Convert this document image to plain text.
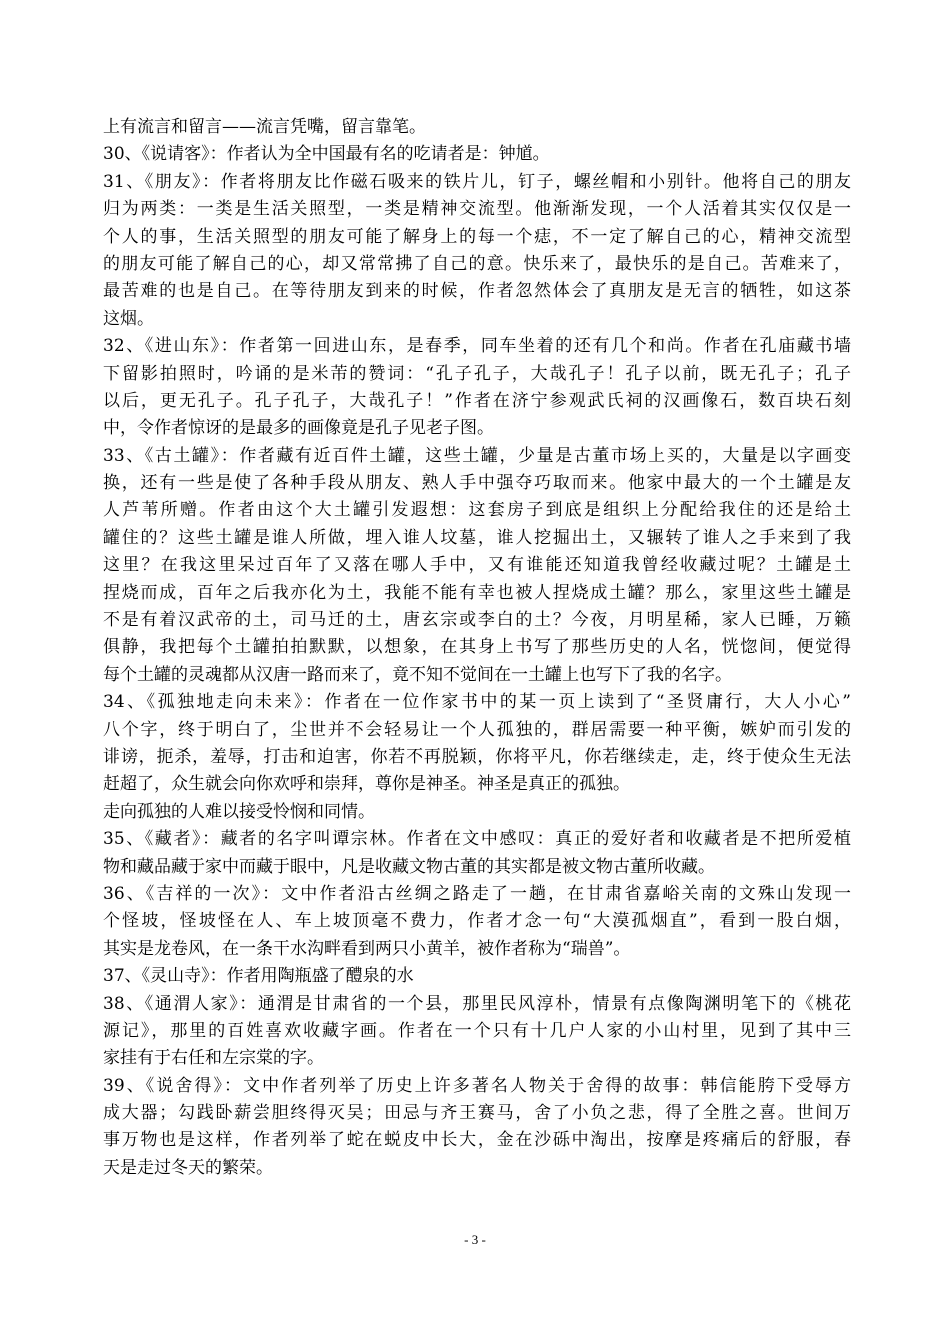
上有流言和留言——流言凭嘴，留言靠笔。
30、《说请客》：作者认为全中国最有名的吃请者是：钟馗。
31、《朋友》：作者将朋友比作磁石吸来的铁片儿，钉子，螺丝帽和小别针。他将自己的朋友
归为两类：一类是生活关照型，一类是精神交流型。他渐渐发现，一个人活着其实仅仅是一
个人的事，生活关照型的朋友可能了解身上的每一个痣，不一定了解自己的心，精神交流型
的朋友可能了解自己的心，却又常常拂了自己的意。快乐来了，最快乐的是自己。苦难来了，
最苦难的也是自己。在等待朋友到来的时候，作者忽然体会了真朋友是无言的牺牲，如这茶
这烟。
32、《进山东》：作者第一回进山东，是春季，同车坐着的还有几个和尚。作者在孔庙藏书墙
下留影拍照时，吟诵的是米芾的赞词：“孔子孔子，大哉孔子！孔子以前，既无孔子；孔子
以后，更无孔子。孔子孔子，大哉孔子！”作者在济宁参观武氏祠的汉画像石，数百块石刻
中，令作者惊讶的是最多的画像竟是孔子见老子图。
33、《古土罐》：作者藏有近百件土罐，这些土罐，少量是古董市场上买的，大量是以字画变
换，还有一些是使了各种手段从朋友、熟人手中强夺巧取而来。他家中最大的一个土罐是友
人芦苇所赠。作者由这个大土罐引发遐想：这套房子到底是组织上分配给我住的还是给土
罐住的？这些土罐是谁人所做，埋入谁人坟墓，谁人挖掘出土，又辗转了谁人之手来到了我
这里？在我这里呆过百年了又落在哪人手中，又有谁能还知道我曾经收藏过呢？土罐是土
捏烧而成，百年之后我亦化为土，我能不能有幸也被人捏烧成土罐？那么，家里这些土罐是
不是有着汉武帝的土，司马迁的土，唐玄宗或李白的土？今夜，月明星稀，家人已睡，万籁
俱静，我把每个土罐拍拍默默，以想象，在其身上书写了那些历史的人名，恍惚间，便觉得
每个土罐的灵魂都从汉唐一路而来了，竟不知不觉间在一土罐上也写下了我的名字。
34、《孤独地走向未来》：作者在一位作家书中的某一页上读到了“圣贤庸行，大人小心”
八个字，终于明白了，尘世并不会轻易让一个人孤独的，群居需要一种平衡，嫉妒而引发的
诽谤，扼杀，羞辱，打击和迫害，你若不再脱颖，你将平凡，你若继续走，走，终于使众生无法
赶超了，众生就会向你欢呼和崇拜，尊你是神圣。神圣是真正的孤独。
走向孤独的人难以接受怜悯和同情。
35、《藏者》：藏者的名字叫谭宗林。作者在文中感叹：真正的爱好者和收藏者是不把所爱植
物和藏品藏于家中而藏于眼中，凡是收藏文物古董的其实都是被文物古董所收藏。
36、《吉祥的一次》：文中作者沿古丝绸之路走了一趟，在甘肃省嘉峪关南的文殊山发现一
个怪坡，怪坡怪在人、车上坡顶毫不费力，作者才念一句“大漠孤烟直”，看到一股白烟，
其实是龙卷风，在一条干水沟畔看到两只小黄羊，被作者称为“瑞兽”。
37、《灵山寺》：作者用陶瓶盛了醴泉的水
38、《通渭人家》：通渭是甘肃省的一个县，那里民风淳朴，情景有点像陶渊明笔下的《桃花
源记》，那里的百姓喜欢收藏字画。作者在一个只有十几户人家的小山村里，见到了其中三
家挂有于右任和左宗棠的字。
39、《说舍得》：文中作者列举了历史上许多著名人物关于舍得的故事：韩信能胯下受辱方
成大器；勾践卧薪尝胆终得灭吴；田忌与齐王赛马，舍了小负之悲，得了全胜之喜。世间万
事万物也是这样，作者列举了蛇在蜕皮中长大，金在沙砾中淘出，按摩是疼痛后的舒服，春
天是走过冬天的繁荣。
- 3 -
